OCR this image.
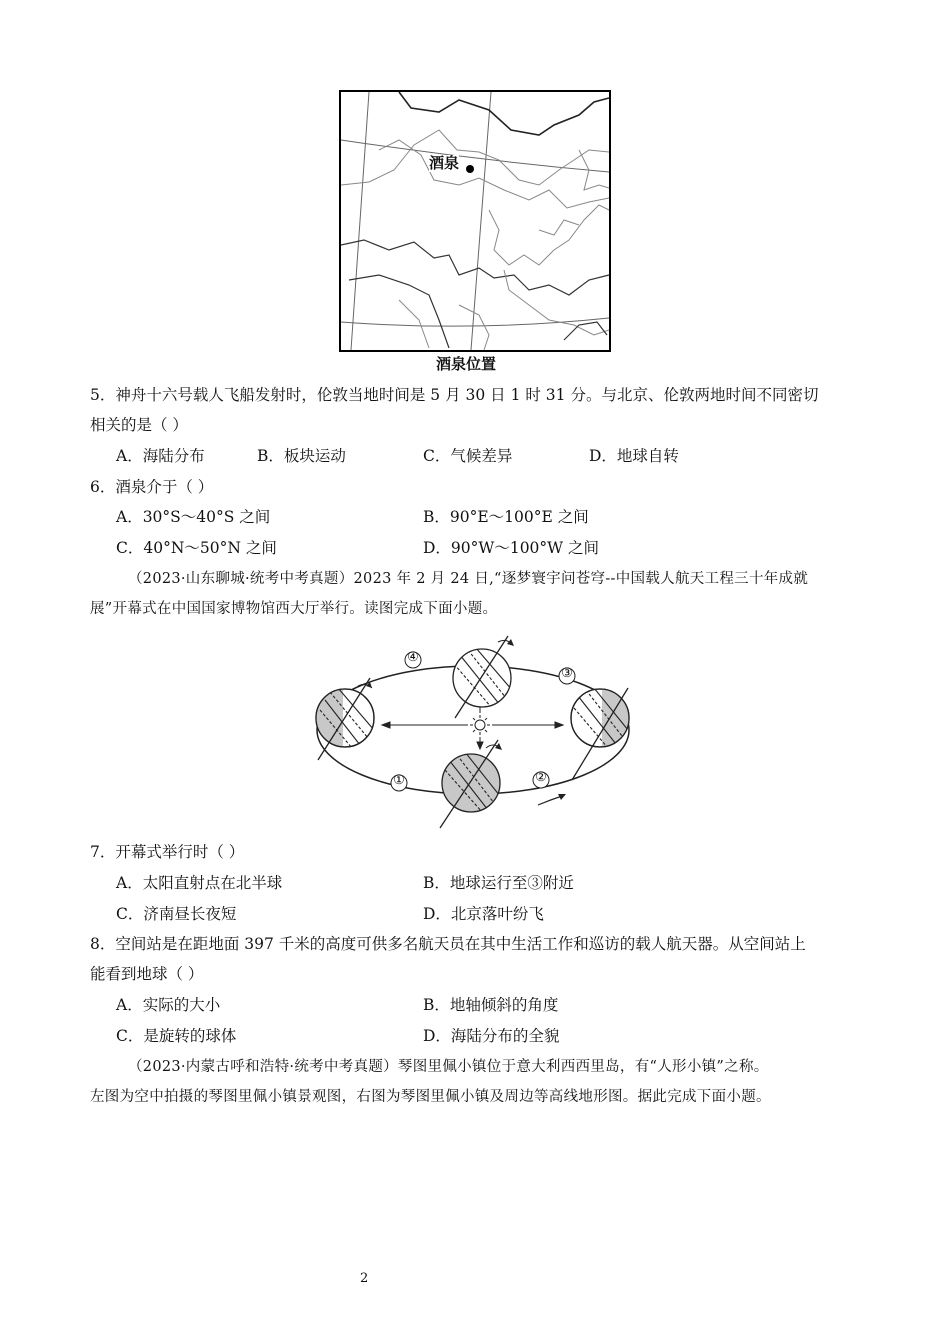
酒泉
酒泉位置
5．神舟十六号载人飞船发射时，伦敦当地时间是 5 月 30 日 1 时 31 分。与北京、伦敦两地时间不同密切
相关的是（ ）
A．海陆分布	B．板块运动	C．气候差异	D．地球自转
6．酒泉介于（ ）
A．30°S～40°S 之间	B．90°E～100°E 之间
C．40°N～50°N 之间	D．90°W～100°W 之间
（2023·山东聊城·统考中考真题）2023 年 2 月 24 日,“逐梦寰宇问苍穹--中国载人航天工程三十年成就
展”开幕式在中国国家博物馆西大厅举行。读图完成下面小题。
①	②
③
④
7．开幕式举行时（ ）
A．太阳直射点在北半球	B．地球运行至③附近
C．济南昼长夜短	D．北京落叶纷飞
8．空间站是在距地面 397 千米的高度可供多名航天员在其中生活工作和巡访的载人航天器。从空间站上
能看到地球（ ）
A．实际的大小	B．地轴倾斜的角度
C．是旋转的球体	D．海陆分布的全貌
（2023·内蒙古呼和浩特·统考中考真题）琴图里佩小镇位于意大利西西里岛，有“人形小镇”之称。
左图为空中拍摄的琴图里佩小镇景观图，右图为琴图里佩小镇及周边等高线地形图。据此完成下面小题。
2
